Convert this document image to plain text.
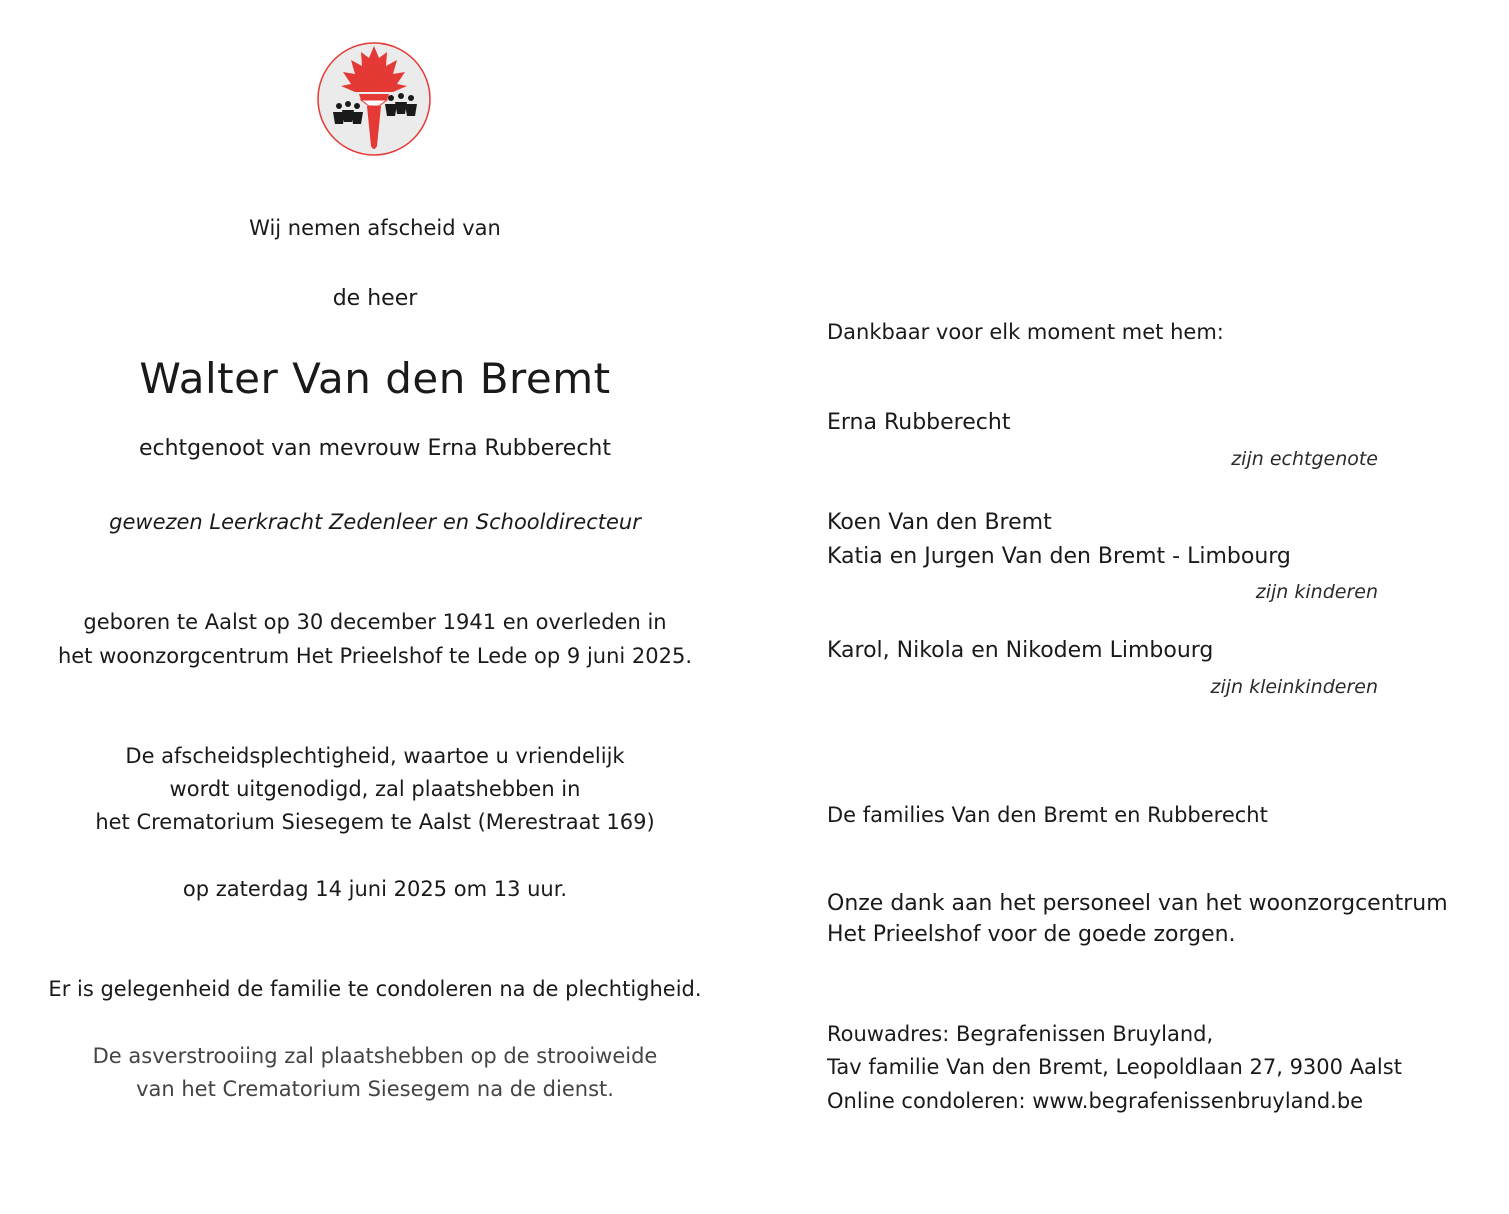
Wij nemen afscheid van
de heer
Walter Van den Bremt
echtgenoot van mevrouw Erna Rubberecht
gewezen Leerkracht Zedenleer en Schooldirecteur
geboren te Aalst op 30 december 1941 en overleden in
het woonzorgcentrum Het Prieelshof te Lede op 9 juni 2025.
De afscheidsplechtigheid, waartoe u vriendelijk
wordt uitgenodigd, zal plaatshebben in
het Crematorium Siesegem te Aalst (Merestraat 169)
op zaterdag 14 juni 2025 om 13 uur.
Er is gelegenheid de familie te condoleren na de plechtigheid.
De asverstrooiing zal plaatshebben op de strooiweide
van het Crematorium Siesegem na de dienst.
Dankbaar voor elk moment met hem:
Erna Rubberecht
zijn echtgenote
Koen Van den Bremt
Katia en Jurgen Van den Bremt - Limbourg
zijn kinderen
Karol, Nikola en Nikodem Limbourg
zijn kleinkinderen
De families Van den Bremt en Rubberecht
Onze dank aan het personeel van het woonzorgcentrum
Het Prieelshof voor de goede zorgen.
Rouwadres: Begrafenissen Bruyland,
Tav familie Van den Bremt, Leopoldlaan 27, 9300 Aalst
Online condoleren: www.begrafenissenbruyland.be
